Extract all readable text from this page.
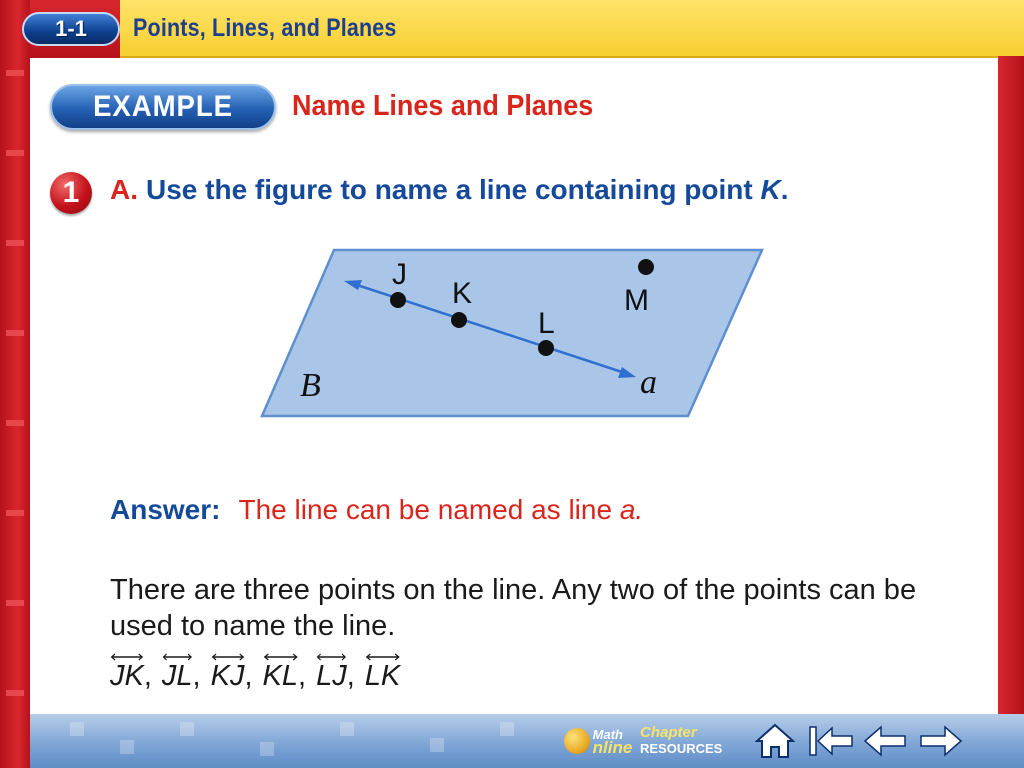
1-1	Points, Lines, and Planes
EXAMPLE Name Lines and Planes
1	A. Use the figure to name a line containing point K.
J
K
L
M
B	a
Answer: The line can be named as line a.
There are three points on the line. Any two of the points can be used to name the line.
JK , JL , KJ , KL , LJ , LK
Math
nline
Chapter
RESOURCES
